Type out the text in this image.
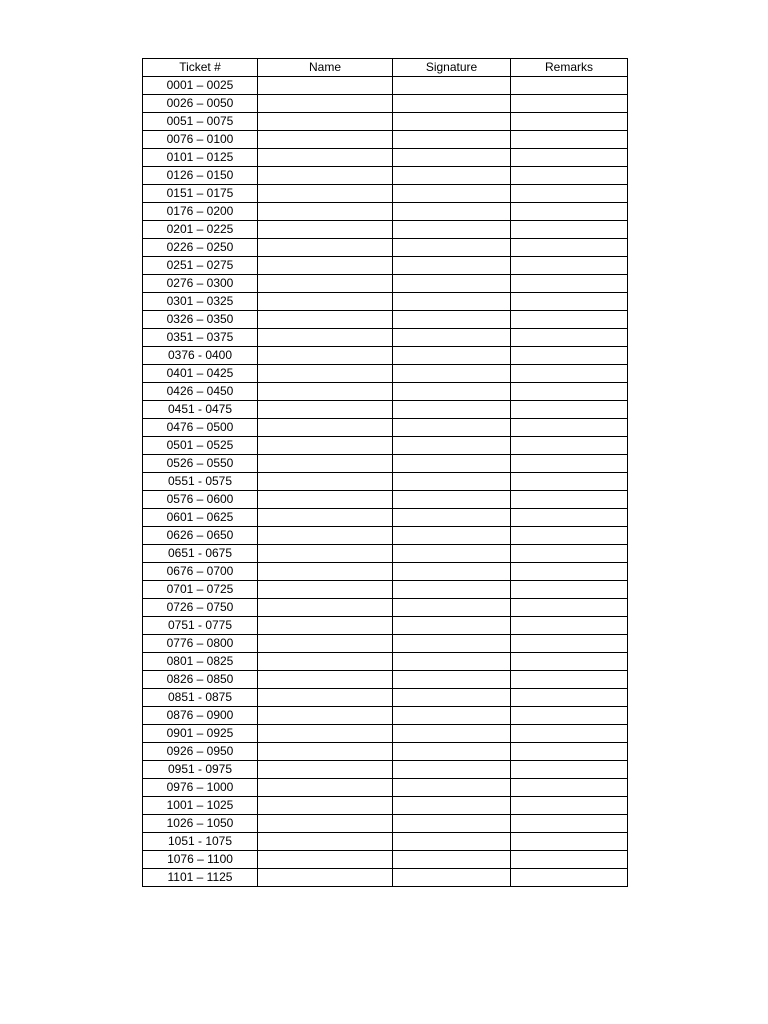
Ticket #	Name	Signature	Remarks
0001 – 0025			
0026 – 0050			
0051 – 0075			
0076 – 0100			
0101 – 0125			
0126 – 0150			
0151 – 0175			
0176 – 0200			
0201 – 0225			
0226 – 0250			
0251 – 0275			
0276 – 0300			
0301 – 0325			
0326 – 0350			
0351 – 0375			
0376 - 0400			
0401 – 0425			
0426 – 0450			
0451 - 0475			
0476 – 0500			
0501 – 0525			
0526 – 0550			
0551 - 0575			
0576 – 0600			
0601 – 0625			
0626 – 0650			
0651 - 0675			
0676 – 0700			
0701 – 0725			
0726 – 0750			
0751 - 0775			
0776 – 0800			
0801 – 0825			
0826 – 0850			
0851 - 0875			
0876 – 0900			
0901 – 0925			
0926 – 0950			
0951 - 0975			
0976 – 1000			
1001 – 1025			
1026 – 1050			
1051 - 1075			
1076 – 1100			
1101 – 1125			
